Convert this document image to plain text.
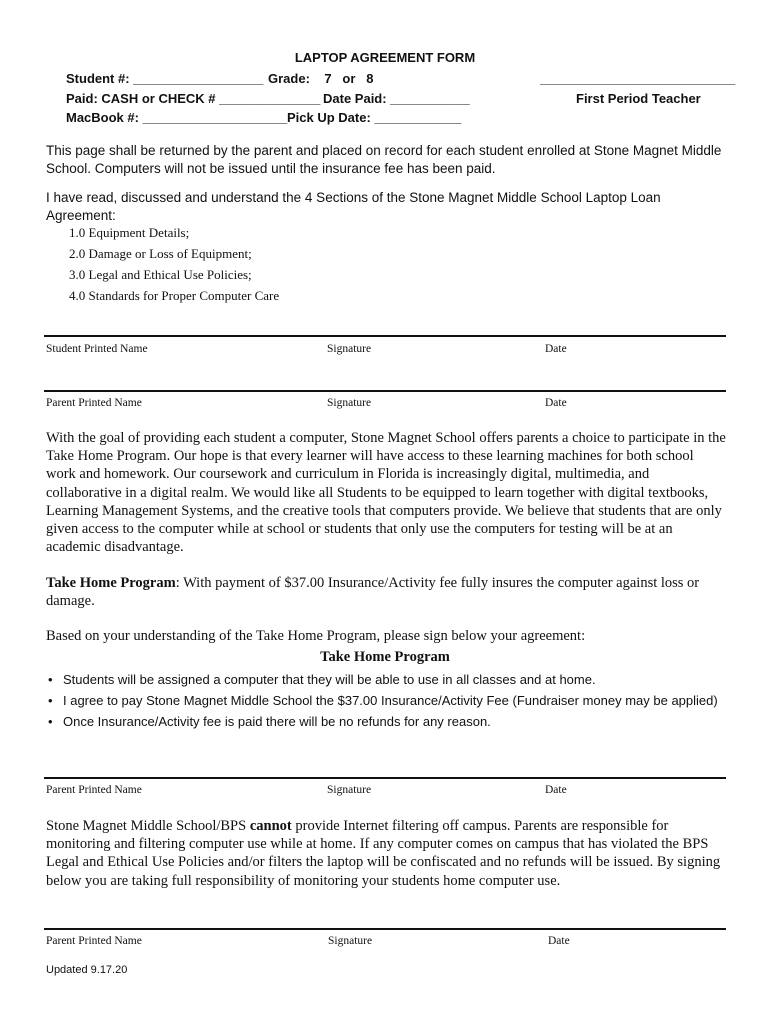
LAPTOP AGREEMENT FORM
Student #: __________________ Grade:    7   or   8
Paid: CASH or CHECK # ______________ Date Paid: ___________
MacBook #: ____________________ Pick Up Date: ____________
___________________________
First Period Teacher
This page shall be returned by the parent and placed on record for each student enrolled at Stone Magnet Middle School. Computers will not be issued until the insurance fee has been paid.
I have read, discussed and understand the 4 Sections of the Stone Magnet Middle School Laptop Loan Agreement:
1.0 Equipment Details;
2.0 Damage or Loss of Equipment;
3.0 Legal and Ethical Use Policies;
4.0 Standards for Proper Computer Care
Student Printed Name	Signature	Date
Parent Printed Name	Signature	Date
With the goal of providing each student a computer, Stone Magnet School offers parents a choice to participate in the Take Home Program. Our hope is that every learner will have access to these learning machines for both school work and homework. Our coursework and curriculum in Florida is increasingly digital, multimedia, and collaborative in a digital realm. We would like all Students to be equipped to learn together with digital textbooks, Learning Management Systems, and the creative tools that computers provide. We believe that students that are only given access to the computer while at school or students that only use the computers for testing will be at an academic disadvantage.
Take Home Program: With payment of $37.00 Insurance/Activity fee fully insures the computer against loss or damage.
Based on your understanding of the Take Home Program, please sign below your agreement:
Take Home Program
• Students will be assigned a computer that they will be able to use in all classes and at home.
• I agree to pay Stone Magnet Middle School the $37.00 Insurance/Activity Fee (Fundraiser money may be applied)
• Once Insurance/Activity fee is paid there will be no refunds for any reason.
Parent Printed Name	Signature	Date
Stone Magnet Middle School/BPS cannot provide Internet filtering off campus. Parents are responsible for monitoring and filtering computer use while at home. If any computer comes on campus that has violated the BPS Legal and Ethical Use Policies and/or filters the laptop will be confiscated and no refunds will be issued. By signing below you are taking full responsibility of monitoring your students home computer use.
Parent Printed Name	Signature	Date
Updated 9.17.20
